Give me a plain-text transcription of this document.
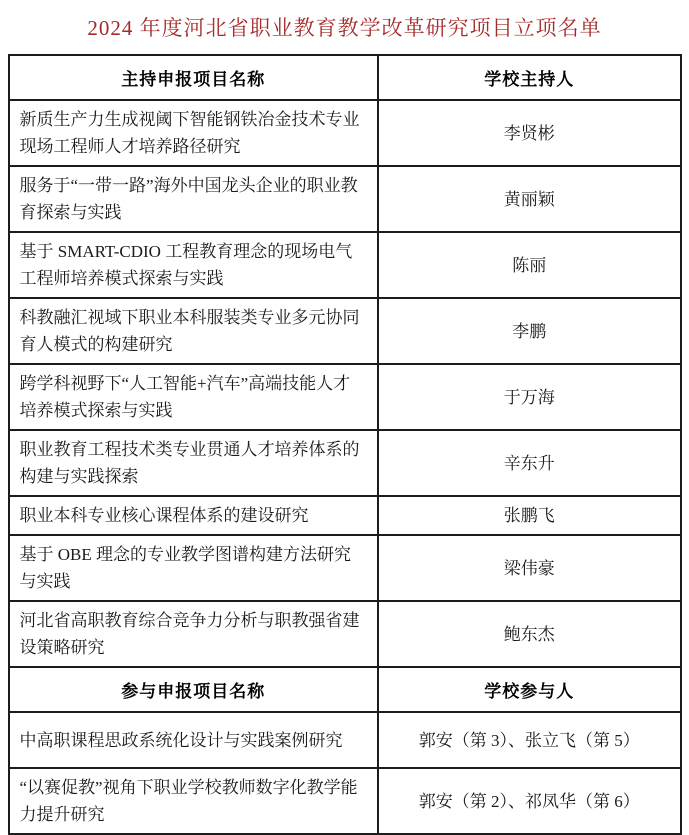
2024 年度河北省职业教育教学改革研究项目立项名单
主持申报项目名称	学校主持人
新质生产力生成视阈下智能钢铁冶金技术专业现场工程师人才培养路径研究	李贤彬
服务于“一带一路”海外中国龙头企业的职业教育探索与实践	黄丽颖
基于 SMART-CDIO 工程教育理念的现场电气工程师培养模式探索与实践	陈丽
科教融汇视域下职业本科服装类专业多元协同育人模式的构建研究	李鹏
跨学科视野下“人工智能+汽车”高端技能人才培养模式探索与实践	于万海
职业教育工程技术类专业贯通人才培养体系的构建与实践探索	辛东升
职业本科专业核心课程体系的建设研究	张鹏飞
基于 OBE 理念的专业教学图谱构建方法研究与实践	梁伟豪
河北省高职教育综合竞争力分析与职教强省建设策略研究	鲍东杰
参与申报项目名称	学校参与人
中高职课程思政系统化设计与实践案例研究	郭安（第 3）、张立飞（第 5）
“以赛促教”视角下职业学校教师数字化教学能力提升研究	郭安（第 2）、祁凤华（第 6）
